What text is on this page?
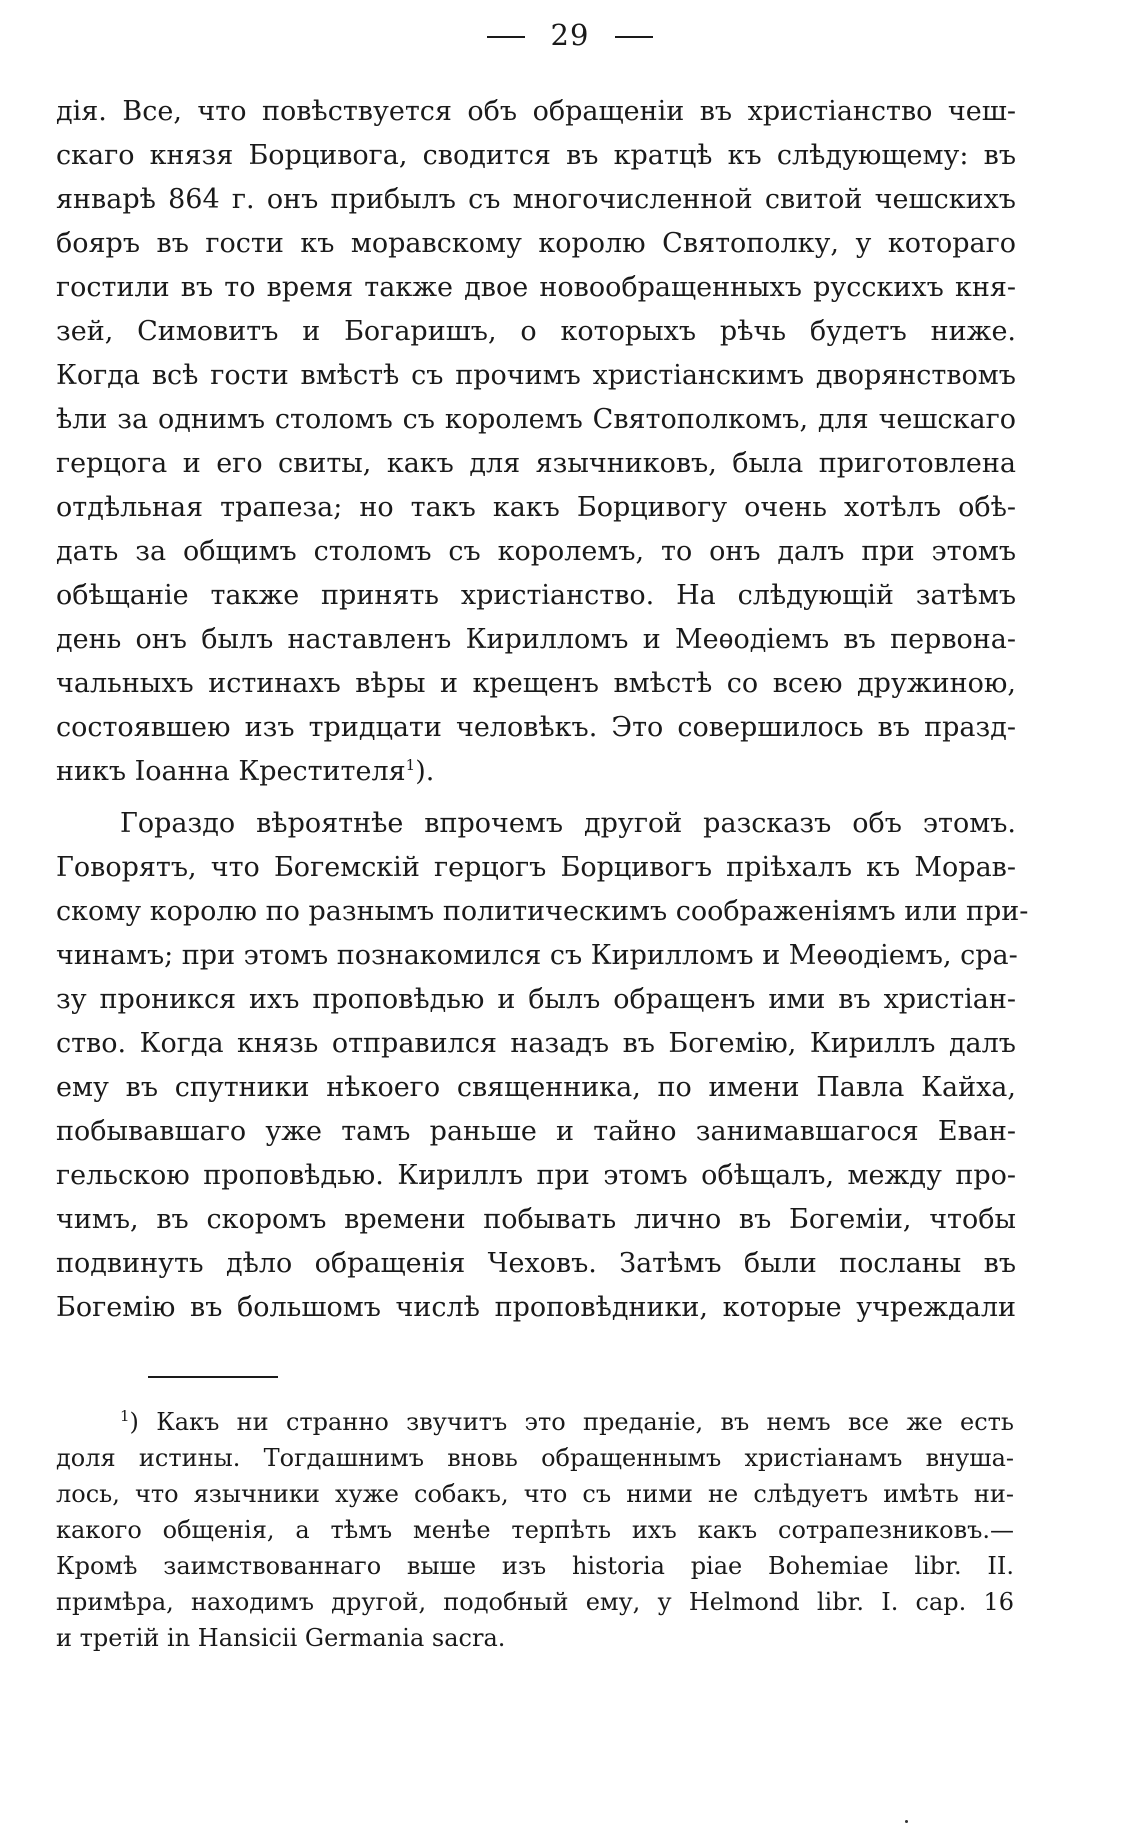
29
дія. Все, что повѣствуется объ обращеніи въ христіанство чеш-
скаго князя Борцивога, сводится въ кратцѣ къ слѣдующему: въ
январѣ 864 г. онъ прибылъ съ многочисленной свитой чешскихъ
бояръ въ гости къ моравскому королю Святополку, у котораго
гостили въ то время также двое новообращенныхъ русскихъ кня-
зей, Симовитъ и Богаришъ, о которыхъ рѣчь будетъ ниже.
Когда всѣ гости вмѣстѣ съ прочимъ христіанскимъ дворянствомъ
ѣли за однимъ столомъ съ королемъ Святополкомъ, для чешскаго
герцога и его свиты, какъ для язычниковъ, была приготовлена
отдѣльная трапеза; но такъ какъ Борцивогу очень хотѣлъ обѣ-
дать за общимъ столомъ съ королемъ, то онъ далъ при этомъ
обѣщаніе также принять христіанство. На слѣдующій затѣмъ
день онъ былъ наставленъ Кирилломъ и Меѳодіемъ въ первона-
чальныхъ истинахъ вѣры и крещенъ вмѣстѣ со всею дружиною,
состоявшею изъ тридцати человѣкъ. Это совершилось въ празд-
никъ Іоанна Крестителя$^1$).
Гораздо вѣроятнѣе впрочемъ другой разсказъ объ этомъ.
Говорятъ, что Богемскій герцогъ Борцивогъ пріѣхалъ къ Морав-
скому королю по разнымъ политическимъ соображеніямъ или при-
чинамъ; при этомъ познакомился съ Кирилломъ и Меѳодіемъ, сра-
зу проникся ихъ проповѣдью и былъ обращенъ ими въ христіан-
ство. Когда князь отправился назадъ въ Богемію, Кириллъ далъ
ему въ спутники нѣкоего священника, по имени Павла Кайха,
побывавшаго уже тамъ раньше и тайно занимавшагося Еван-
гельскою проповѣдью. Кириллъ при этомъ обѣщалъ, между про-
чимъ, въ скоромъ времени побывать лично въ Богеміи, чтобы
подвинуть дѣло обращенія Чеховъ. Затѣмъ были посланы въ
Богемію въ большомъ числѣ проповѣдники, которые учреждали
$^1$) Какъ ни странно звучитъ это преданіе, въ немъ все же есть
доля истины. Тогдашнимъ вновь обращеннымъ христіанамъ внуша-
лось, что язычники хуже собакъ, что съ ними не слѣдуетъ имѣть ни-
какого общенія, а тѣмъ менѣе терпѣть ихъ какъ сотрапезниковъ.—
Кромѣ заимствованнаго выше изъ historia piae Bohemiae libr. II.
примѣра, находимъ другой, подобный ему, у Helmond libr. I. cap. 16
и третій in Hansicii Germania sacra.
